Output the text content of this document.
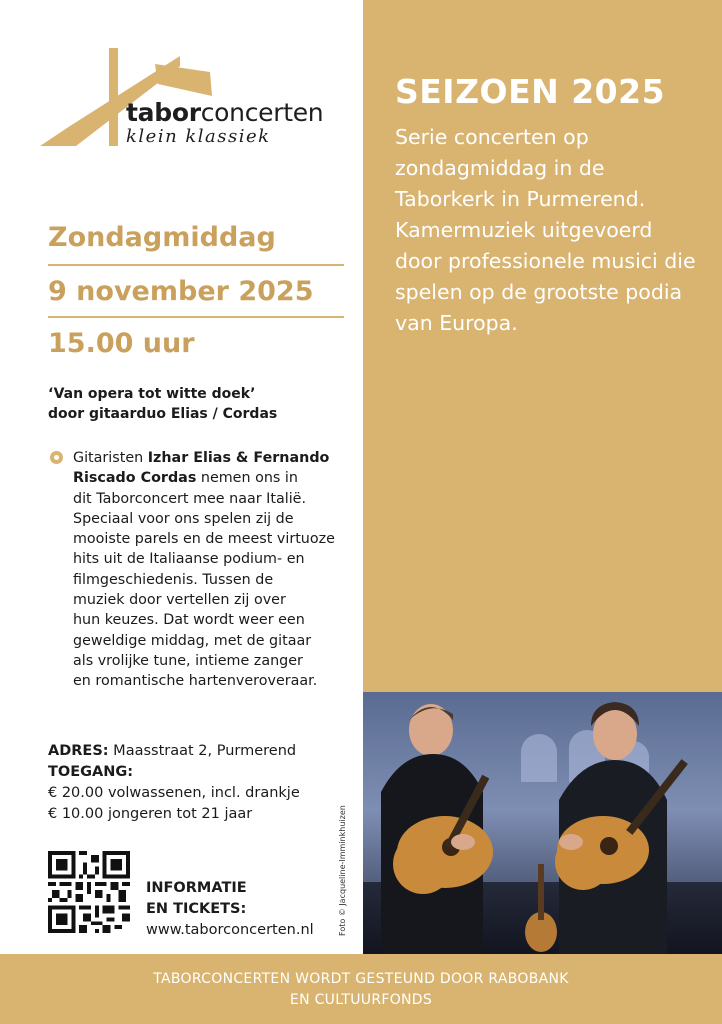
SEIZOEN 2025
Serie concerten op zondagmiddag in de Taborkerk in Purmerend. Kamermuziek uitgevoerd door professionele musici die spelen op de grootste podia van Europa.
taborconcerten
klein klassiek
Zondagmiddag
9 november 2025
15.00 uur
‘Van opera tot witte doek’
door gitaarduo Elias / Cordas
Gitaristen Izhar Elias & Fernando
Riscado Cordas nemen ons in
dit Taborconcert mee naar Italië.
Speciaal voor ons spelen zij de
mooiste parels en de meest virtuoze
hits uit de Italiaanse podium- en
filmgeschiedenis. Tussen de
muziek door vertellen zij over
hun keuzes. Dat wordt weer een
geweldige middag, met de gitaar
als vrolijke tune, intieme zanger
en romantische hartenveroveraar.
ADRES: Maasstraat 2, Purmerend
TOEGANG:
€ 20.00 volwassenen, incl. drankje
€ 10.00 jongeren tot 21 jaar
INFORMATIE
EN TICKETS:
www.taborconcerten.nl	Foto © Jacqueline-Imminkhuizen
TABORCONCERTEN WORDT GESTEUND DOOR RABOBANK
EN CULTUURFONDS
